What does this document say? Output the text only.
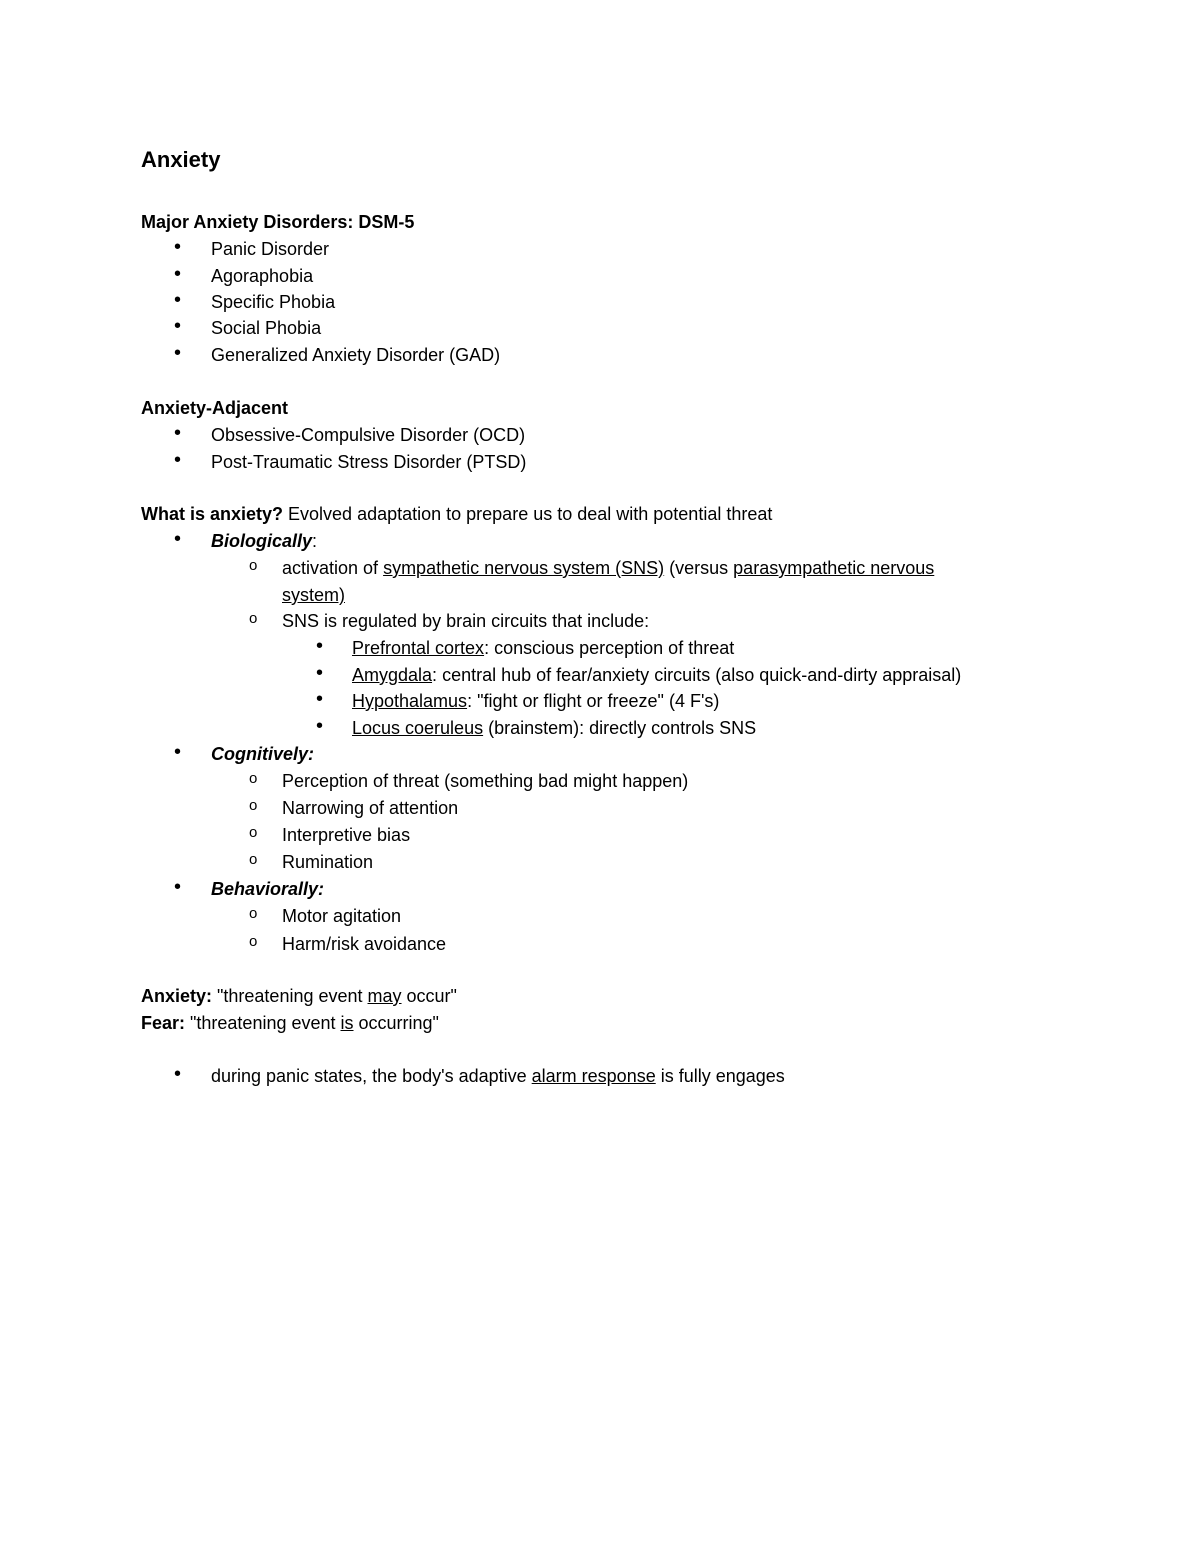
Anxiety
Major Anxiety Disorders: DSM-5
•
Panic Disorder
•
Agoraphobia
•
Specific Phobia
•
Social Phobia
•
Generalized Anxiety Disorder (GAD)
Anxiety-Adjacent
•
Obsessive-Compulsive Disorder (OCD)
•
Post-Traumatic Stress Disorder (PTSD)
What is anxiety? Evolved adaptation to prepare us to deal with potential threat
•
Biologically:
o
activation of sympathetic nervous system (SNS) (versus parasympathetic nervous
system)
o
SNS is regulated by brain circuits that include:
•
Prefrontal cortex: conscious perception of threat
•
Amygdala: central hub of fear/anxiety circuits (also quick-and-dirty appraisal)
•
Hypothalamus: "fight or flight or freeze" (4 F's)
•
Locus coeruleus (brainstem): directly controls SNS
•
Cognitively:
o
Perception of threat (something bad might happen)
o
Narrowing of attention
o
Interpretive bias
o
Rumination
•
Behaviorally:
o
Motor agitation
o
Harm/risk avoidance
Anxiety: "threatening event may occur"
Fear: "threatening event is occurring"
•
during panic states, the body's adaptive alarm response is fully engages
